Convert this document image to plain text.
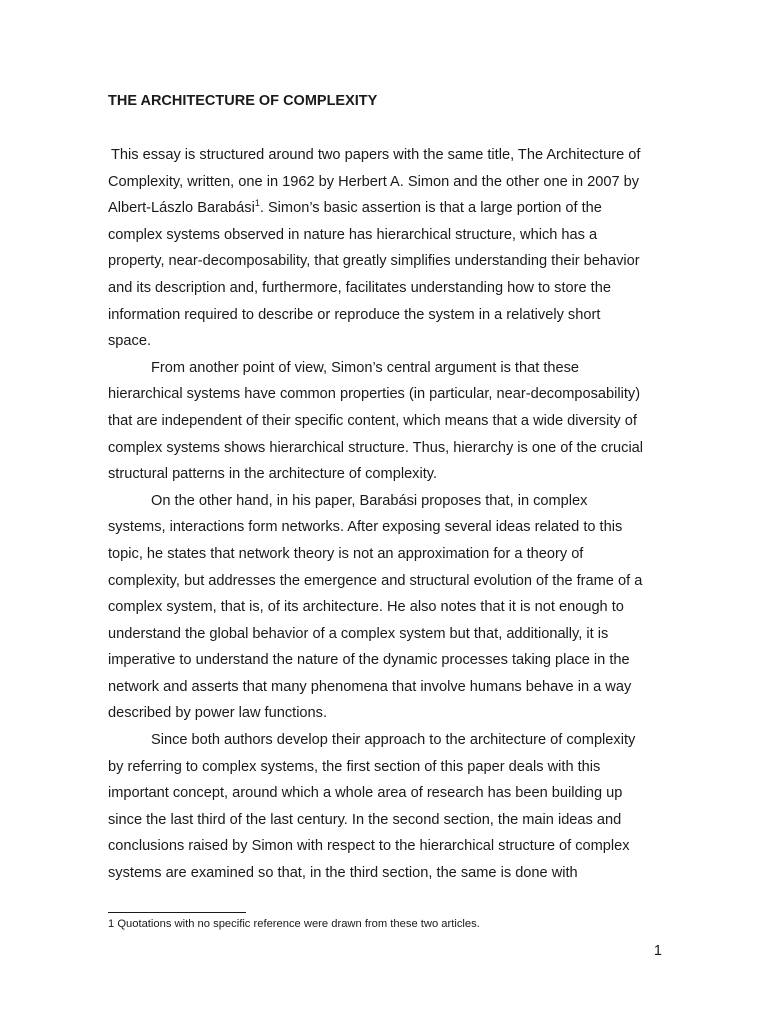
THE ARCHITECTURE OF COMPLEXITY

This essay is structured around two papers with the same title, The Architecture of
Complexity, written, one in 1962 by Herbert A. Simon and the other one in 2007 by
Albert-Lászlo Barabási$^1$. Simon’s basic assertion is that a large portion of the
complex systems observed in nature has hierarchical structure, which has a
property, near-decomposability, that greatly simplifies understanding their behavior
and its description and, furthermore, facilitates understanding how to store the
information required to describe or reproduce the system in a relatively short
space.

From another point of view, Simon’s central argument is that these
hierarchical systems have common properties (in particular, near-decomposability)
that are independent of their specific content, which means that a wide diversity of
complex systems shows hierarchical structure. Thus, hierarchy is one of the crucial
structural patterns in the architecture of complexity.

On the other hand, in his paper, Barabási proposes that, in complex
systems, interactions form networks. After exposing several ideas related to this
topic, he states that network theory is not an approximation for a theory of
complexity, but addresses the emergence and structural evolution of the frame of a
complex system, that is, of its architecture. He also notes that it is not enough to
understand the global behavior of a complex system but that, additionally, it is
imperative to understand the nature of the dynamic processes taking place in the
network and asserts that many phenomena that involve humans behave in a way
described by power law functions.

Since both authors develop their approach to the architecture of complexity
by referring to complex systems, the first section of this paper deals with this
important concept, around which a whole area of research has been building up
since the last third of the last century. In the second section, the main ideas and
conclusions raised by Simon with respect to the hierarchical structure of complex
systems are examined so that, in the third section, the same is done with

1 Quotations with no specific reference were drawn from these two articles.
1
